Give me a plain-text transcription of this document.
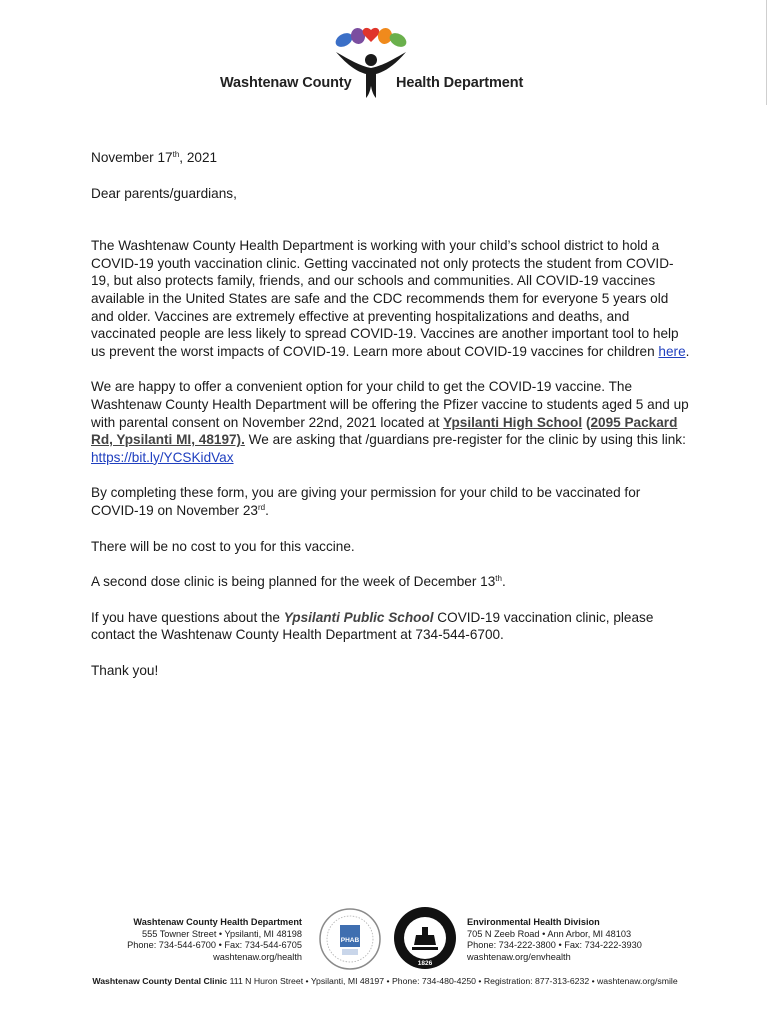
Washtenaw County	Health Department

November 17th, 2021

Dear parents/guardians,

The Washtenaw County Health Department is working with your child’s school district to hold a COVID-19 youth vaccination clinic. Getting vaccinated not only protects the student from COVID-19, but also protects family, friends, and our schools and communities. All COVID-19 vaccines available in the United States are safe and the CDC recommends them for everyone 5 years old and older. Vaccines are extremely effective at preventing hospitalizations and deaths, and vaccinated people are less likely to spread COVID-19. Vaccines are another important tool to help us prevent the worst impacts of COVID-19. Learn more about COVID-19 vaccines for children here.

We are happy to offer a convenient option for your child to get the COVID-19 vaccine. The Washtenaw County Health Department will be offering the Pfizer vaccine to students aged 5 and up with parental consent on November 22nd, 2021 located at Ypsilanti High School (2095 Packard Rd, Ypsilanti MI, 48197). We are asking that /guardians pre-register for the clinic by using this link: https://bit.ly/YCSKidVax

By completing these form, you are giving your permission for your child to be vaccinated for COVID-19 on November 23rd.

There will be no cost to you for this vaccine.

A second dose clinic is being planned for the week of December 13th.

If you have questions about the Ypsilanti Public School COVID-19 vaccination clinic, please contact the Washtenaw County Health Department at 734-544-6700.

Thank you!

Washtenaw County Health Department
555 Towner Street • Ypsilanti, MI 48198
Phone: 734-544-6700 • Fax: 734-544-6705
washtenaw.org/health
PHAB
1826
Environmental Health Division
705 N Zeeb Road • Ann Arbor, MI 48103
Phone: 734-222-3800 • Fax: 734-222-3930
washtenaw.org/envhealth
Washtenaw County Dental Clinic 111 N Huron Street • Ypsilanti, MI 48197 • Phone: 734-480-4250 • Registration: 877-313-6232 • washtenaw.org/smile
